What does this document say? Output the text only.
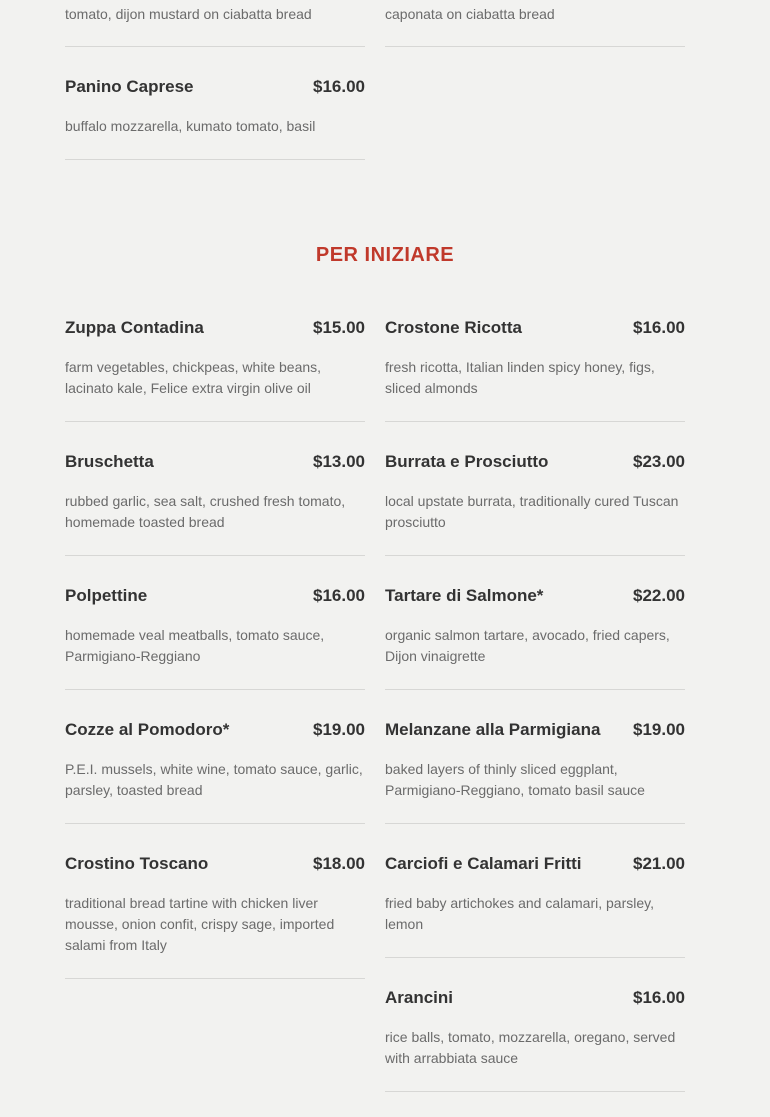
tomato, dijon mustard on ciabatta bread	caponata on ciabatta bread
Panino Caprese	$16.00
buffalo mozzarella, kumato tomato, basil
PER INIZIARE
Zuppa Contadina	$15.00
farm vegetables, chickpeas, white beans, lacinato kale, Felice extra virgin olive oil
Crostone Ricotta	$16.00
fresh ricotta, Italian linden spicy honey, figs, sliced almonds
Bruschetta	$13.00
rubbed garlic, sea salt, crushed fresh tomato, homemade toasted bread
Burrata e Prosciutto	$23.00
local upstate burrata, traditionally cured Tuscan prosciutto
Polpettine	$16.00
homemade veal meatballs, tomato sauce, Parmigiano-Reggiano
Tartare di Salmone*	$22.00
organic salmon tartare, avocado, fried capers, Dijon vinaigrette
Cozze al Pomodoro*	$19.00
P.E.I. mussels, white wine, tomato sauce, garlic, parsley, toasted bread
Melanzane alla Parmigiana $19.00
baked layers of thinly sliced eggplant, Parmigiano-Reggiano, tomato basil sauce
Crostino Toscano	$18.00
traditional bread tartine with chicken liver mousse, onion confit, crispy sage, imported salami from Italy
Carciofi e Calamari Fritti	$21.00
fried baby artichokes and calamari, parsley, lemon
Arancini	$16.00
rice balls, tomato, mozzarella, oregano, served with arrabbiata sauce
